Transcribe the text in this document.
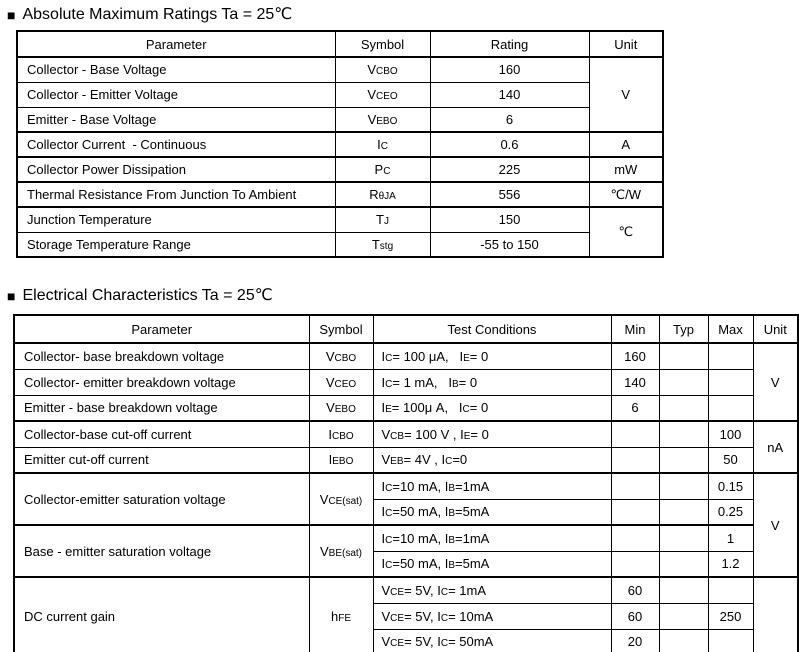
■ Absolute Maximum Ratings Ta = 25℃
Parameter	Symbol	Rating	Unit
Collector - Base Voltage	VCBO	160	V
Collector - Emitter Voltage	VCEO	140	
Emitter - Base Voltage	VEBO	6	
Collector Current  - Continuous	IC	0.6	A
Collector Power Dissipation	PC	225	mW
Thermal Resistance From Junction To Ambient	RθJA	556	℃/W
Junction Temperature	TJ	150	℃
Storage Temperature Range	Tstg	-55 to 150	
■ Electrical Characteristics Ta = 25℃
Parameter	Symbol	Test Conditions	Min	Typ	Max	Unit
Collector- base breakdown voltage	VCBO	IC= 100 μA,   IE= 0	160			V
Collector- emitter breakdown voltage	VCEO	IC= 1 mA,   IB= 0	140			
Emitter - base breakdown voltage	VEBO	IE= 100μ A,   IC= 0	6			
Collector-base cut-off current	ICBO	VCB= 100 V , IE= 0			100	nA
Emitter cut-off current	IEBO	VEB= 4V , IC=0			50	
Collector-emitter saturation voltage	VCE(sat)	IC=10 mA, IB=1mA			0.15	V
		IC=50 mA, IB=5mA			0.25	
Base - emitter saturation voltage	VBE(sat)	IC=10 mA, IB=1mA			1	
		IC=50 mA, IB=5mA			1.2	
DC current gain	hFE	VCE= 5V, IC= 1mA	60			
		VCE= 5V, IC= 10mA	60		250	
		VCE= 5V, IC= 50mA	20			
